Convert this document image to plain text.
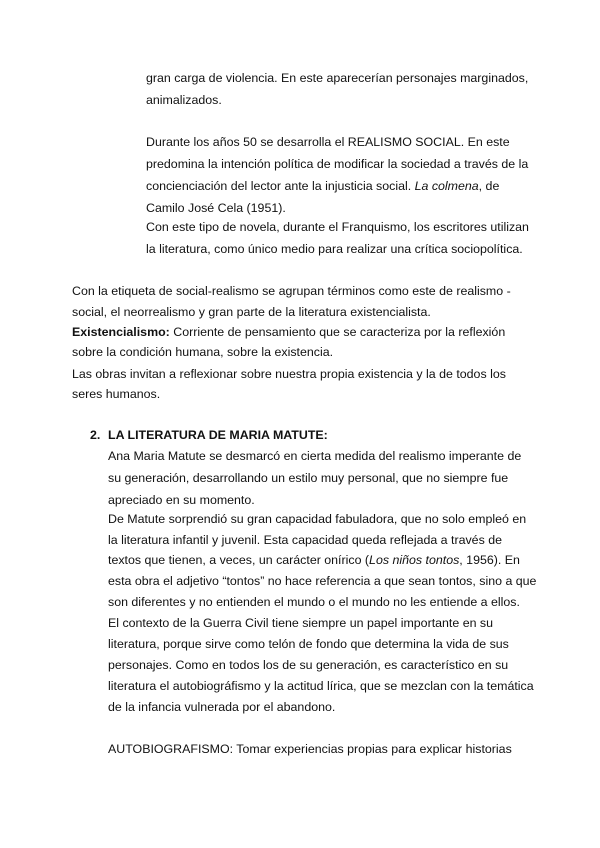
gran carga de violencia. En este aparecerían personajes marginados,
animalizados.
Durante los años 50 se desarrolla el REALISMO SOCIAL. En este
predomina la intención política de modificar la sociedad a través de la
concienciación del lector ante la injusticia social. La colmena, de
Camilo José Cela (1951).
Con este tipo de novela, durante el Franquismo, los escritores utilizan
la literatura, como único medio para realizar una crítica sociopolítica.
Con la etiqueta de social-realismo se agrupan términos como este de realismo -
social, el neorrealismo y gran parte de la literatura existencialista.
Existencialismo: Corriente de pensamiento que se caracteriza por la reflexión
sobre la condición humana, sobre la existencia.
Las obras invitan a reflexionar sobre nuestra propia existencia y la de todos los
seres humanos.
2. LA LITERATURA DE MARIA MATUTE:
Ana Maria Matute se desmarcó en cierta medida del realismo imperante de
su generación, desarrollando un estilo muy personal, que no siempre fue
apreciado en su momento.
De Matute sorprendió su gran capacidad fabuladora, que no solo empleó en
la literatura infantil y juvenil. Esta capacidad queda reflejada a través de
textos que tienen, a veces, un carácter onírico (Los niños tontos, 1956). En
esta obra el adjetivo “tontos” no hace referencia a que sean tontos, sino a que
son diferentes y no entienden el mundo o el mundo no les entiende a ellos.
El contexto de la Guerra Civil tiene siempre un papel importante en su
literatura, porque sirve como telón de fondo que determina la vida de sus
personajes. Como en todos los de su generación, es característico en su
literatura el autobiográfismo y la actitud lírica, que se mezclan con la temática
de la infancia vulnerada por el abandono.
AUTOBIOGRAFISMO: Tomar experiencias propias para explicar historias
